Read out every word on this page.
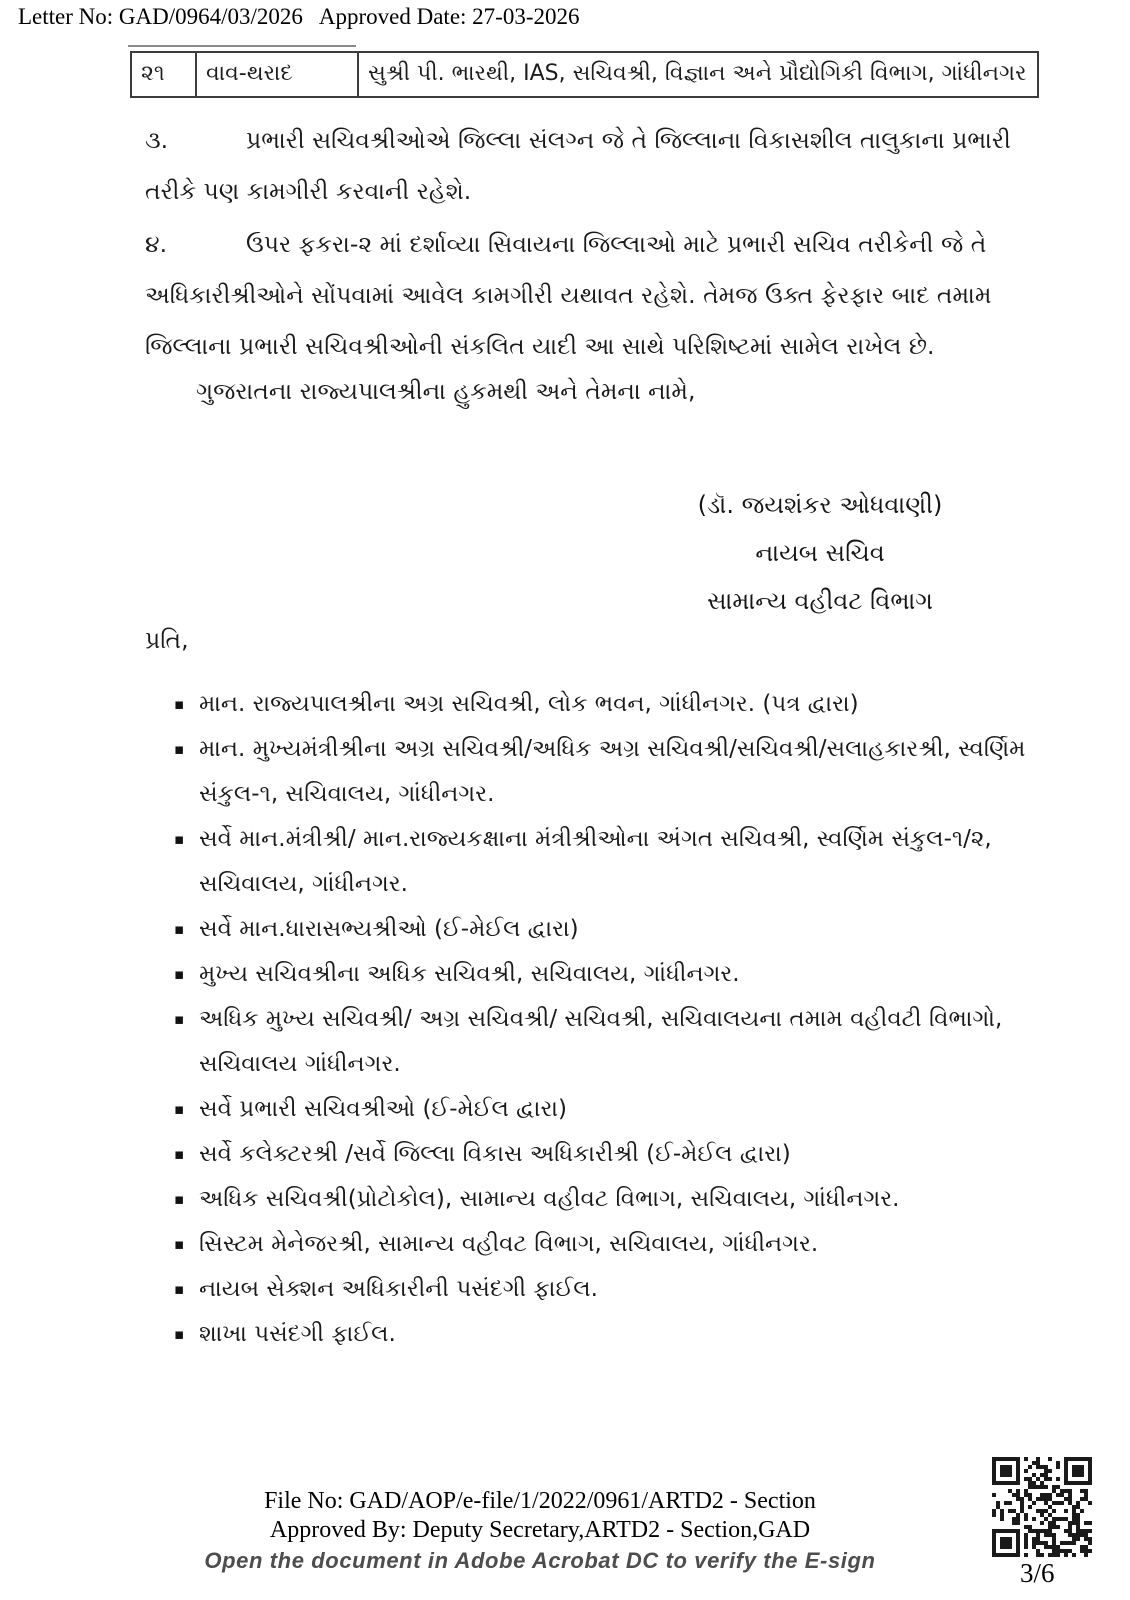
Letter No: GAD/0964/03/2026   Approved Date: 27-03-2026
૨૧	વાવ-થરાદ	સુશ્રી પી. ભારથી, IAS, સચિવશ્રી, વિજ્ઞાન અને પ્રૌદ્યોગિકી વિભાગ, ગાંધીનગર
૩.	પ્રભારી સચિવશ્રીઓએ જિલ્લા સંલગ્ન જે તે જિલ્લાના વિકાસશીલ તાલુકાના પ્રભારી તરીકે પણ કામગીરી કરવાની રહેશે.
૪.	ઉપર ફકરા-૨ માં દર્શાવ્યા સિવાયના જિલ્લાઓ માટે પ્રભારી સચિવ તરીકેની જે તે અધિકારીશ્રીઓને સોંપવામાં આવેલ કામગીરી યથાવત રહેશે. તેમજ ઉક્ત ફેરફાર બાદ તમામ જિલ્લાના પ્રભારી સચિવશ્રીઓની સંકલિત યાદી આ સાથે પરિશિષ્ટમાં સામેલ રાખેલ છે.
ગુજરાતના રાજ્યપાલશ્રીના હુકમથી અને તેમના નામે,
(ડૉ. જયશંકર ઓધવાણી)
નાયબ સચિવ
સામાન્ય વહીવટ વિભાગ
પ્રતિ,
▪ માન. રાજ્યપાલશ્રીના અગ્ર સચિવશ્રી, લોક ભવન, ગાંધીનગર. (પત્ર દ્વારા)
▪ માન. મુખ્યમંત્રીશ્રીના અગ્ર સચિવશ્રી/અધિક અગ્ર સચિવશ્રી/સચિવશ્રી/સલાહકારશ્રી, સ્વર્ણિમ સંકુલ-૧, સચિવાલય, ગાંધીનગર.
▪ સર્વે માન.મંત્રીશ્રી/ માન.રાજ્યકક્ષાના મંત્રીશ્રીઓના અંગત સચિવશ્રી, સ્વર્ણિમ સંકુલ-૧/૨, સચિવાલય, ગાંધીનગર.
▪ સર્વે માન.ધારાસભ્યશ્રીઓ (ઈ-મેઈલ દ્વારા)
▪ મુખ્ય સચિવશ્રીના અધિક સચિવશ્રી, સચિવાલય, ગાંધીનગર.
▪ અધિક મુખ્ય સચિવશ્રી/ અગ્ર સચિવશ્રી/ સચિવશ્રી, સચિવાલયના તમામ વહીવટી વિભાગો, સચિવાલય ગાંધીનગર.
▪ સર્વે પ્રભારી સચિવશ્રીઓ (ઈ-મેઈલ દ્વારા)
▪ સર્વે કલેક્ટરશ્રી /સર્વે જિલ્લા વિકાસ અધિકારીશ્રી (ઈ-મેઈલ દ્વારા)
▪ અધિક સચિવશ્રી(પ્રોટોકોલ), સામાન્ય વહીવટ વિભાગ, સચિવાલય, ગાંધીનગર.
▪ સિસ્ટમ મેનેજરશ્રી, સામાન્ય વહીવટ વિભાગ, સચિવાલય, ગાંધીનગર.
▪ નાયબ સેક્શન અધિકારીની પસંદગી ફાઈલ.
▪ શાખા પસંદગી ફાઈલ.
File No: GAD/AOP/e-file/1/2022/0961/ARTD2 - Section
Approved By: Deputy Secretary,ARTD2 - Section,GAD
Open the document in Adobe Acrobat DC to verify the E-sign	3/6
